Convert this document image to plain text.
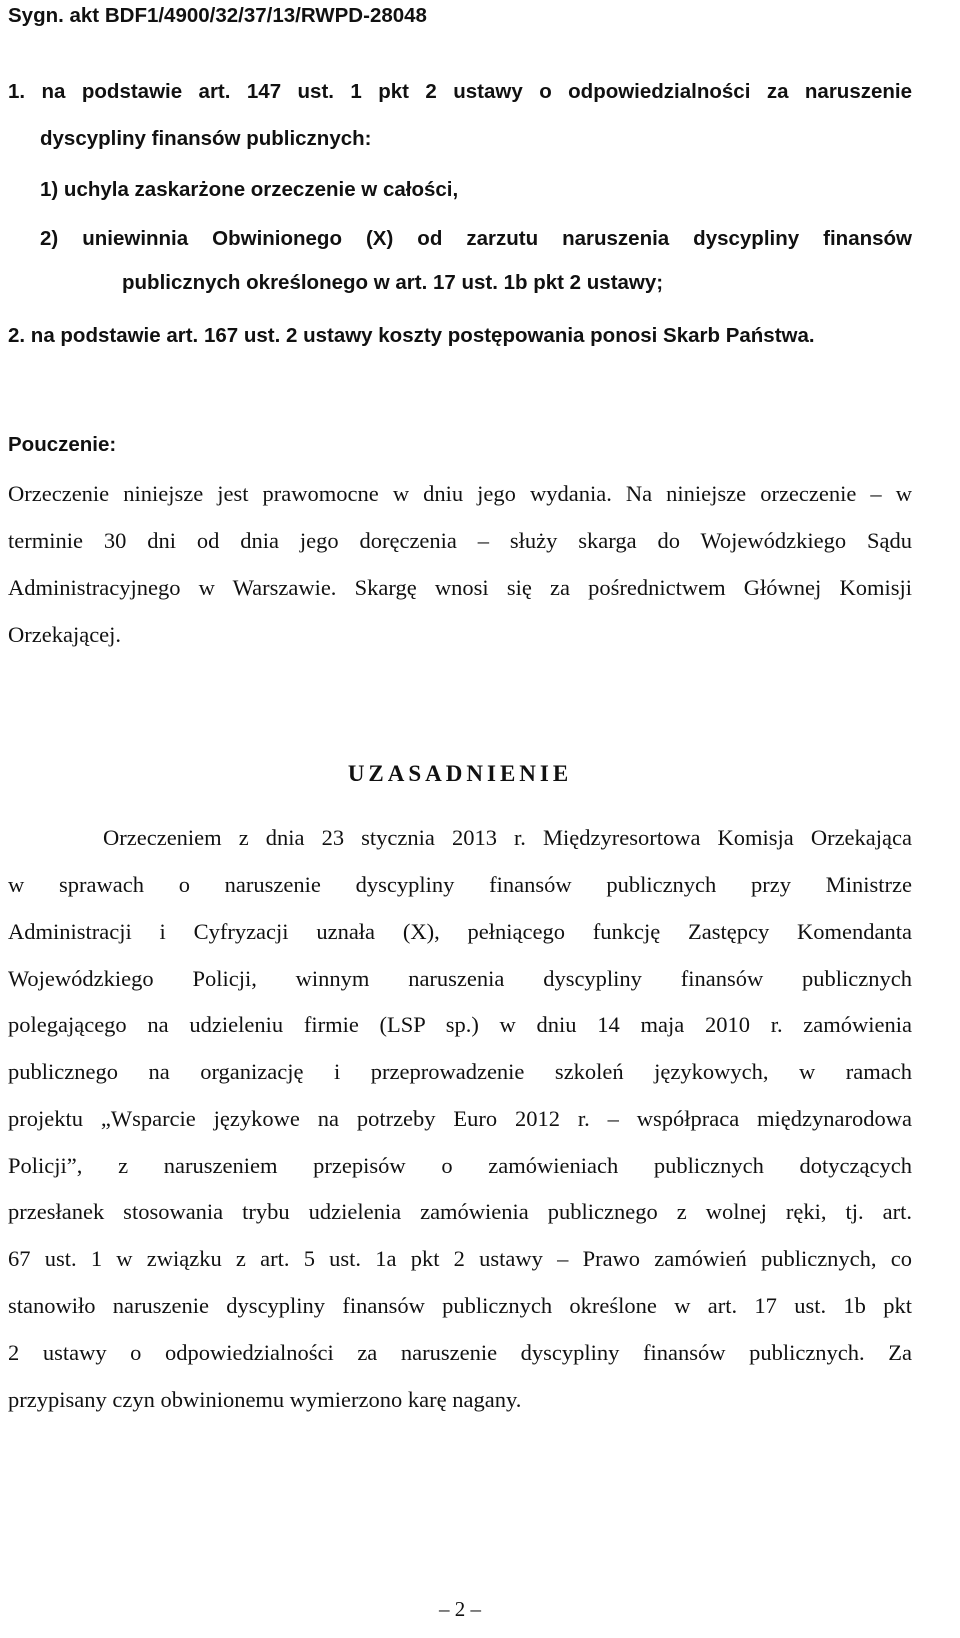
Sygn. akt BDF1/4900/32/37/13/RWPD-28048
1. na podstawie art. 147 ust. 1 pkt 2 ustawy o odpowiedzialności za naruszenie
dyscypliny finansów publicznych:
1) uchyla zaskarżone orzeczenie w całości,
2) uniewinnia Obwinionego (X) od zarzutu naruszenia dyscypliny finansów
publicznych określonego w art. 17 ust. 1b pkt 2 ustawy;
2. na podstawie art. 167 ust. 2 ustawy koszty postępowania ponosi Skarb Państwa.
Pouczenie:
Orzeczenie niniejsze jest prawomocne w dniu jego wydania. Na niniejsze orzeczenie – w
terminie 30 dni od dnia jego doręczenia – służy skarga do Wojewódzkiego Sądu
Administracyjnego w Warszawie. Skargę wnosi się za pośrednictwem Głównej Komisji
Orzekającej.
UZASADNIENIE
Orzeczeniem z dnia 23 stycznia 2013 r. Międzyresortowa Komisja Orzekająca
w sprawach o naruszenie dyscypliny finansów publicznych przy Ministrze
Administracji i Cyfryzacji uznała (X), pełniącego funkcję Zastępcy Komendanta
Wojewódzkiego Policji, winnym naruszenia dyscypliny finansów publicznych
polegającego na udzieleniu firmie (LSP sp.) w dniu 14 maja 2010 r. zamówienia
publicznego na organizację i przeprowadzenie szkoleń językowych, w ramach
projektu „Wsparcie językowe na potrzeby Euro 2012 r. – współpraca międzynarodowa
Policji”, z naruszeniem przepisów o zamówieniach publicznych dotyczących
przesłanek stosowania trybu udzielenia zamówienia publicznego z wolnej ręki, tj. art.
67 ust. 1 w związku z art. 5 ust. 1a pkt 2 ustawy – Prawo zamówień publicznych, co
stanowiło naruszenie dyscypliny finansów publicznych określone w art. 17 ust. 1b pkt
2 ustawy o odpowiedzialności za naruszenie dyscypliny finansów publicznych. Za
przypisany czyn obwinionemu wymierzono karę nagany.
– 2 –
